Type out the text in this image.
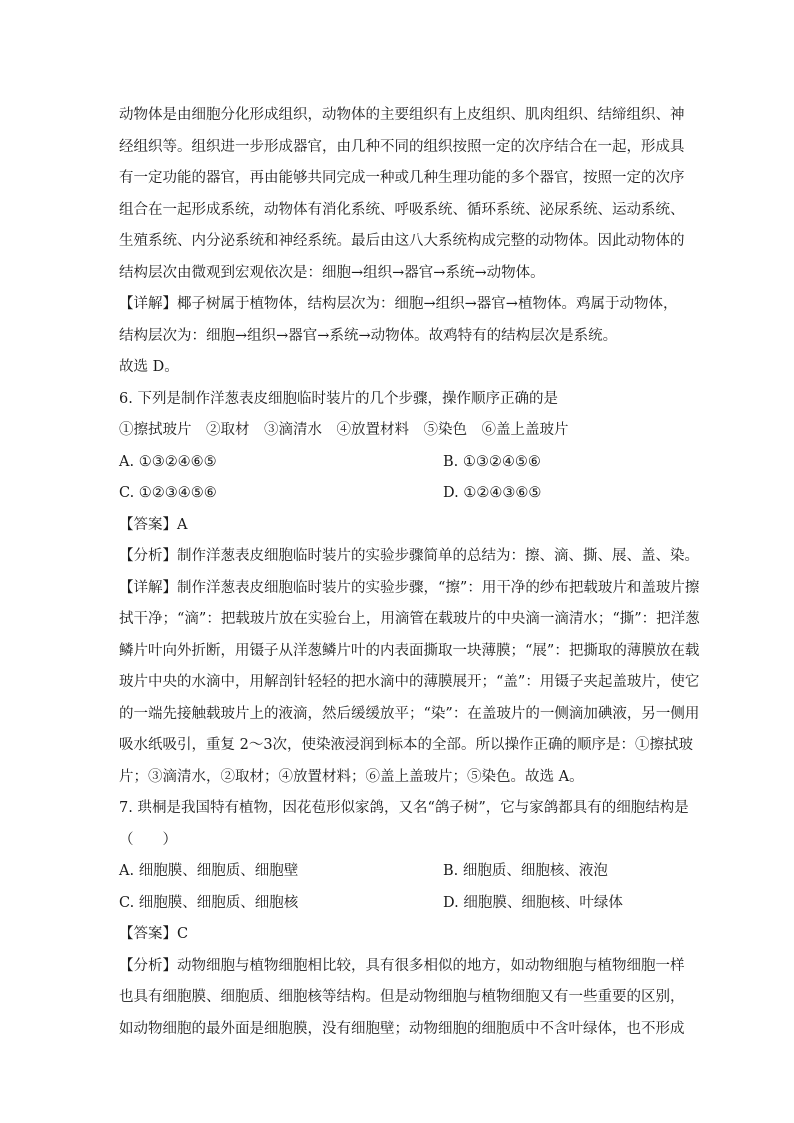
动物体是由细胞分化形成组织，动物体的主要组织有上皮组织、肌肉组织、结缔组织、神
经组织等。组织进一步形成器官，由几种不同的组织按照一定的次序结合在一起，形成具
有一定功能的器官，再由能够共同完成一种或几种生理功能的多个器官，按照一定的次序
组合在一起形成系统，动物体有消化系统、呼吸系统、循环系统、泌尿系统、运动系统、
生殖系统、内分泌系统和神经系统。最后由这八大系统构成完整的动物体。因此动物体的
结构层次由微观到宏观依次是：细胞→组织→器官→系统→动物体。
【详解】椰子树属于植物体，结构层次为：细胞→组织→器官→植物体。鸡属于动物体，
结构层次为：细胞→组织→器官→系统→动物体。故鸡特有的结构层次是系统。
故选 D。
6. 下列是制作洋葱表皮细胞临时装片的几个步骤，操作顺序正确的是
①擦拭玻片　②取材　③滴清水　④放置材料　⑤染色　⑥盖上盖玻片
A. ①③②④⑥⑤	B. ①③②④⑤⑥
C. ①②③④⑤⑥	D. ①②④③⑥⑤
【答案】A
【分析】制作洋葱表皮细胞临时装片的实验步骤简单的总结为：擦、滴、撕、展、盖、染。
【详解】制作洋葱表皮细胞临时装片的实验步骤，“擦”：用干净的纱布把载玻片和盖玻片擦
拭干净；“滴”：把载玻片放在实验台上，用滴管在载玻片的中央滴一滴清水；“撕”：把洋葱
鳞片叶向外折断，用镊子从洋葱鳞片叶的内表面撕取一块薄膜；“展”：把撕取的薄膜放在载
玻片中央的水滴中，用解剖针轻轻的把水滴中的薄膜展开；“盖”：用镊子夹起盖玻片，使它
的一端先接触载玻片上的液滴，然后缓缓放平；“染”：在盖玻片的一侧滴加碘液，另一侧用
吸水纸吸引，重复 2～3次，使染液浸润到标本的全部。所以操作正确的顺序是：①擦拭玻
片；③滴清水，②取材；④放置材料；⑥盖上盖玻片；⑤染色。故选 A。
7. 珙桐是我国特有植物，因花苞形似家鸽，又名“鸽子树”，它与家鸽都具有的细胞结构是
（　　）
A. 细胞膜、细胞质、细胞壁	B. 细胞质、细胞核、液泡
C. 细胞膜、细胞质、细胞核	D. 细胞膜、细胞核、叶绿体
【答案】C
【分析】动物细胞与植物细胞相比较，具有很多相似的地方，如动物细胞与植物细胞一样
也具有细胞膜、细胞质、细胞核等结构。但是动物细胞与植物细胞又有一些重要的区别，
如动物细胞的最外面是细胞膜，没有细胞壁；动物细胞的细胞质中不含叶绿体，也不形成
